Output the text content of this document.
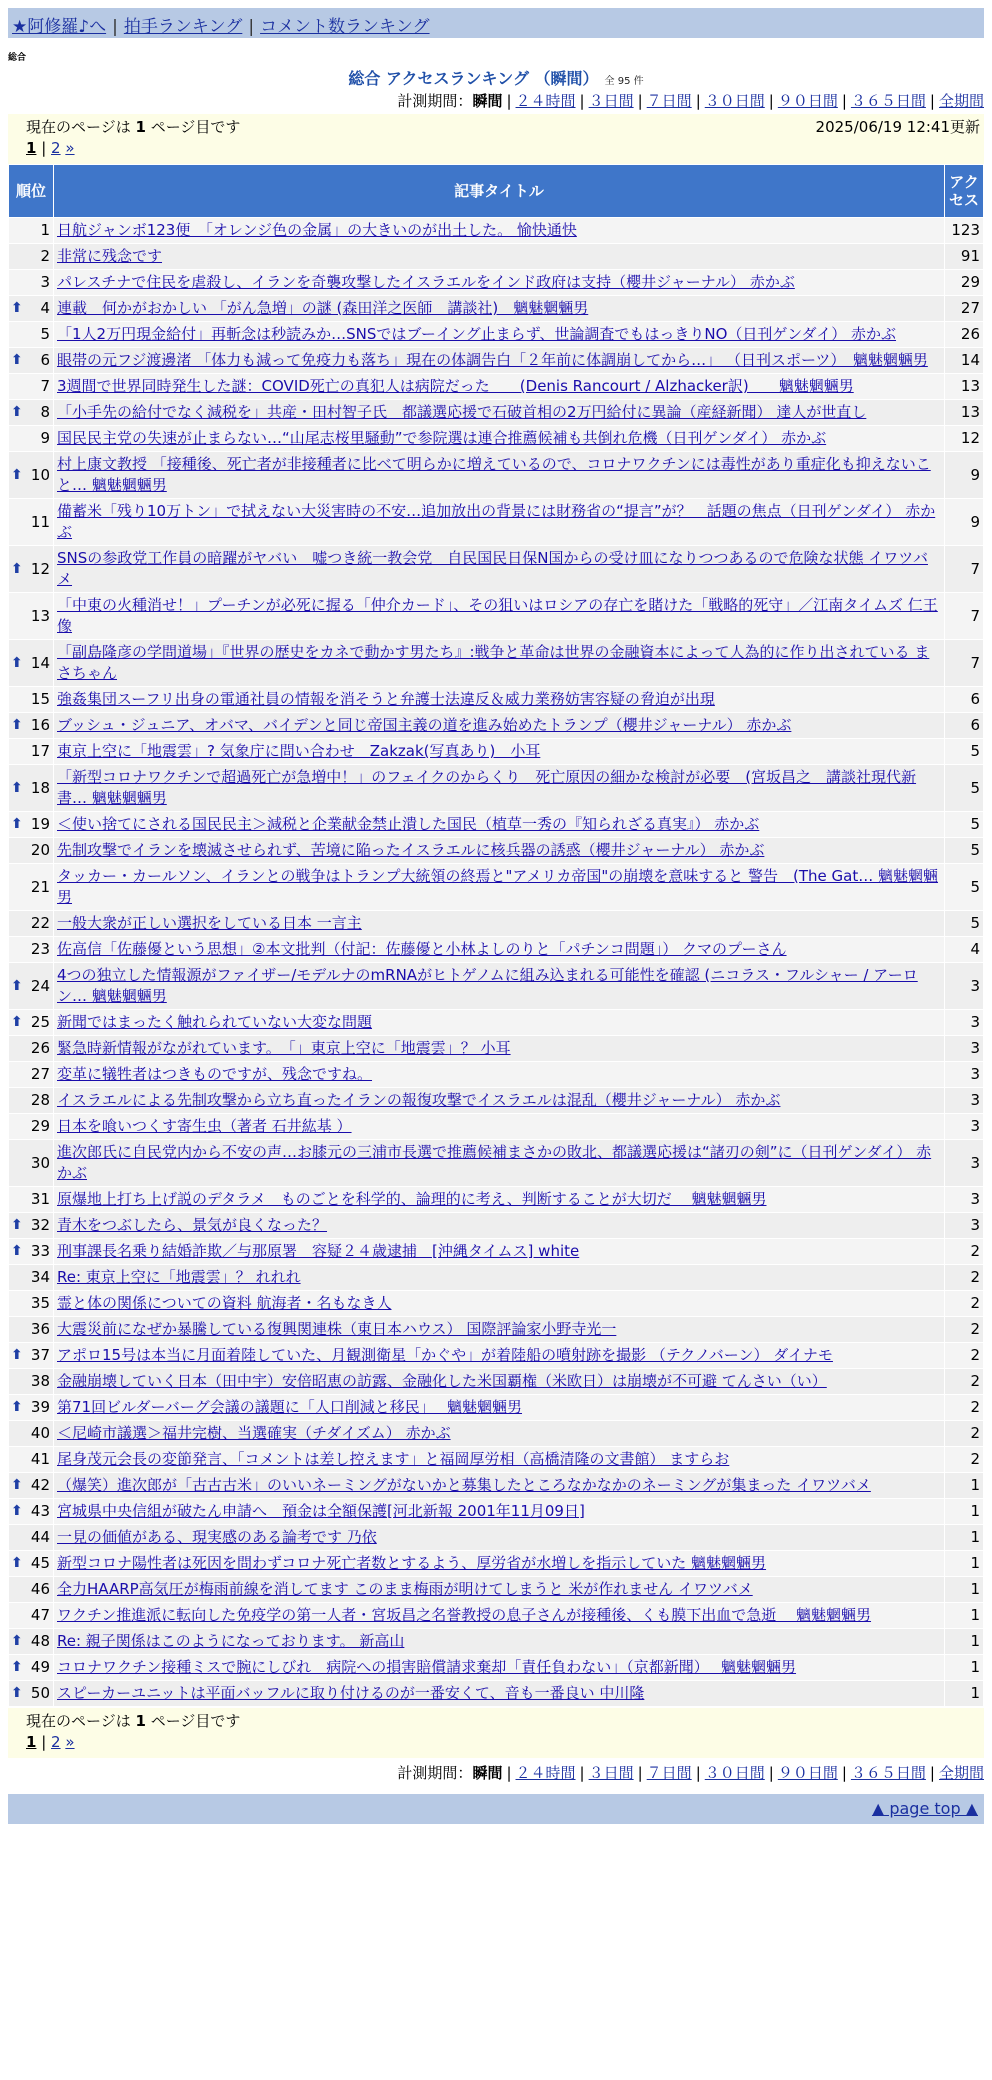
★阿修羅♪へ | 拍手ランキング | コメント数ランキング
総合
総合 アクセスランキング （瞬間） 全 95 件
計測期間：瞬間 | ２４時間 | ３日間 | ７日間 | ３０日間 | ９０日間 | ３６５日間 | 全期間
現在のページは 1 ページ目です	2025/06/19 12:41更新
1 | 2 »
順位	記事タイトル	アクセス
1	日航ジャンボ123便　「オレンジ色の金属」の大きいのが出土した。 愉快通快	123
2	非常に残念です	91
3	パレスチナで住民を虐殺し、イランを奇襲攻撃したイスラエルをインド政府は支持（櫻井ジャーナル） 赤かぶ	29

⬆ 4	連載　何かがおかしい 「がん急増」の謎 (森田洋之医師　講談社)　魑魅魍魎男	27
5	「1人2万円現金給付」再斬念は秒読みか…SNSではブーイング止まらず、世論調査でもはっきりNO（日刊ゲンダイ） 赤かぶ	26

⬆ 6	眼帯の元フジ渡邊渚 「体力も減って免疫力も落ち」現在の体調告白「２年前に体調崩してから…」 （日刊スポーツ）　魑魅魍魎男	14
7	3週間で世界同時発生した謎：COVID死亡の真犯人は病院だった　　(Denis Rancourt / Alzhacker訳)　　魑魅魍魎男	13

⬆ 8	「小手先の給付でなく減税を」共産・田村智子氏　都議選応援で石破首相の2万円給付に異論（産経新聞） 達人が世直し	13
9	国民民主党の失速が止まらない…“山尾志桜里騒動”で参院選は連合推薦候補も共倒れ危機（日刊ゲンダイ） 赤かぶ	12

⬆ 10	村上康文教授 「接種後、死亡者が非接種者に比べて明らかに増えているので、コロナワクチンには毒性があり重症化も抑えないこと… 魑魅魍魎男	9
11	備蓄米「残り10万トン」で拭えない大災害時の不安…追加放出の背景には財務省の“提言”が？　話題の焦点（日刊ゲンダイ） 赤かぶ	9

⬆ 12	SNSの参政党工作員の暗躍がヤバい　嘘つき統一教会党　自民国民日保N国からの受け皿になりつつあるので危険な状態 イワツバメ	7
13	「中東の火種消せ！」プーチンが必死に握る「仲介カード」、その狙いはロシアの存亡を賭けた「戦略的死守」／江南タイムズ 仁王像	7

⬆ 14	「副島隆彦の学問道場」『世界の歴史をカネで動かす男たち』:戦争と革命は世界の金融資本によって人為的に作り出されている まさちゃん	7
15	強姦集団スーフリ出身の電通社員の情報を消そうと弁護士法違反＆威力業務妨害容疑の脅迫が出現	6

⬆ 16	ブッシュ・ジュニア、オバマ、バイデンと同じ帝国主義の道を進み始めたトランプ（櫻井ジャーナル） 赤かぶ	6
17	東京上空に「地震雲」? 気象庁に問い合わせ　Zakzak(写真あり)　小耳	5

⬆ 18	「新型コロナワクチンで超過死亡が急増中！」のフェイクのからくり　死亡原因の細かな検討が必要　(宮坂昌之　講談社現代新書… 魑魅魍魎男	5

⬆ 19	＜使い捨てにされる国民民主＞減税と企業献金禁止潰した国民（植草一秀の『知られざる真実』） 赤かぶ	5
20	先制攻撃でイランを壊滅させられず、苦境に陥ったイスラエルに核兵器の誘惑（櫻井ジャーナル） 赤かぶ	5
21	タッカー・カールソン、イランとの戦争はトランプ大統領の終焉と"アメリカ帝国"の崩壊を意味すると 警告　(The Gat… 魑魅魍魎男	5
22	一般大衆が正しい選択をしている日本 一言主	5
23	佐高信「佐藤優という思想」②本文批判（付記：佐藤優と小林よしのりと「パチンコ問題」） クマのプーさん	4

⬆ 24	4つの独立した情報源がファイザー/モデルナのmRNAがヒトゲノムに組み込まれる可能性を確認 (ニコラス・フルシャー / アーロン… 魑魅魍魎男	3

⬆ 25	新聞ではまったく触れられていない大変な問題	3
26	緊急時新情報がながれています。　「」東京上空に「地震雲」？ 小耳	3
27	変革に犠牲者はつきものですが、残念ですね。	3
28	イスラエルによる先制攻撃から立ち直ったイランの報復攻撃でイスラエルは混乱（櫻井ジャーナル） 赤かぶ	3
29	日本を喰いつくす寄生虫（著者 石井紘基 ）	3
30	進次郎氏に自民党内から不安の声…お膝元の三浦市長選で推薦候補まさかの敗北、都議選応援は“諸刃の剣”に（日刊ゲンダイ） 赤かぶ	3
31	原爆地上打ち上げ説のデタラメ　ものごとを科学的、論理的に考え、判断することが大切だ　 魑魅魍魎男	3

⬆ 32	青木をつぶしたら、景気が良くなった？	3

⬆ 33	刑事課長名乗り結婚詐欺／与那原署　容疑２４歳逮捕　[沖縄タイムス] white	2
34	Re: 東京上空に「地震雲」？ れれれ	2
35	霊と体の関係についての資料 航海者・名もなき人	2
36	大震災前になぜか暴騰している復興関連株（東日本ハウス） 国際評論家小野寺光一	2

⬆ 37	アポロ15号は本当に月面着陸していた、月観測衛星「かぐや」が着陸船の噴射跡を撮影 （テクノバーン） ダイナモ	2
38	金融崩壊していく日本（田中宇）安倍昭恵の訪露、金融化した米国覇権（米欧日）は崩壊が不可避 てんさい（い）	2

⬆ 39	第71回ビルダーバーグ会議の議題に「人口削減と移民」　 魑魅魍魎男	2
40	＜尼崎市議選＞福井完樹、当選確実（チダイズム） 赤かぶ	2
41	尾身茂元会長の変節発言、「コメントは差し控えます」と福岡厚労相（高橋清隆の文書館） ますらお	2

⬆ 42	（爆笑）進次郎が「古古古米」のいいネーミングがないかと募集したところなかなかのネーミングが集まった イワツバメ	1

⬆ 43	宮城県中央信組が破たん申請へ　預金は全額保護[河北新報 2001年11月09日]	1
44	一見の価値がある、現実感のある論考です 乃依	1

⬆ 45	新型コロナ陽性者は死因を問わずコロナ死亡者数とするよう、厚労省が水増しを指示していた 魑魅魍魎男	1
46	全力HAARP高気圧が梅雨前線を消してます このまま梅雨が明けてしまうと 米が作れません イワツバメ	1
47	ワクチン推進派に転向した免疫学の第一人者・宮坂昌之名誉教授の息子さんが接種後、くも膜下出血で急逝　 魑魅魍魎男	1

⬆ 48	Re: 親子関係はこのようになっております。 新高山	1

⬆ 49	コロナワクチン接種ミスで腕にしびれ　病院への損害賠償請求棄却「責任負わない」（京都新聞）　 魑魅魍魎男	1

⬆ 50	スピーカーユニットは平面バッフルに取り付けるのが一番安くて、音も一番良い 中川隆	1
現在のページは 1 ページ目です
1 | 2 »
計測期間：瞬間 | ２４時間 | ３日間 | ７日間 | ３０日間 | ９０日間 | ３６５日間 | 全期間
▲ page top ▲
